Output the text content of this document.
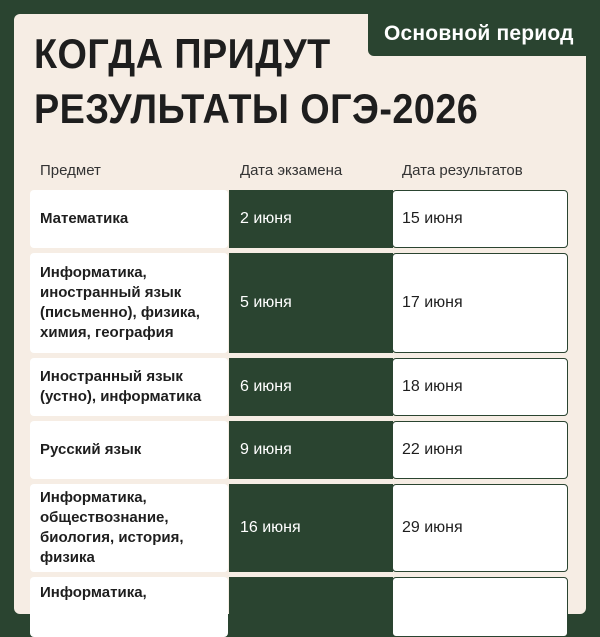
Основной период
КОГДА ПРИДУТ
РЕЗУЛЬТАТЫ ОГЭ-2026
Предмет	Дата экзамена	Дата результатов
Математика	2 июня	15 июня
Информатика,
иностранный язык
(письменно), физика,
химия, география
5 июня	17 июня
Иностранный язык
(устно), информатика
6 июня	18 июня
Русский язык	9 июня	22 июня
Информатика,
обществознание,
биология, история,
физика
16 июня	29 июня
Информатика,
